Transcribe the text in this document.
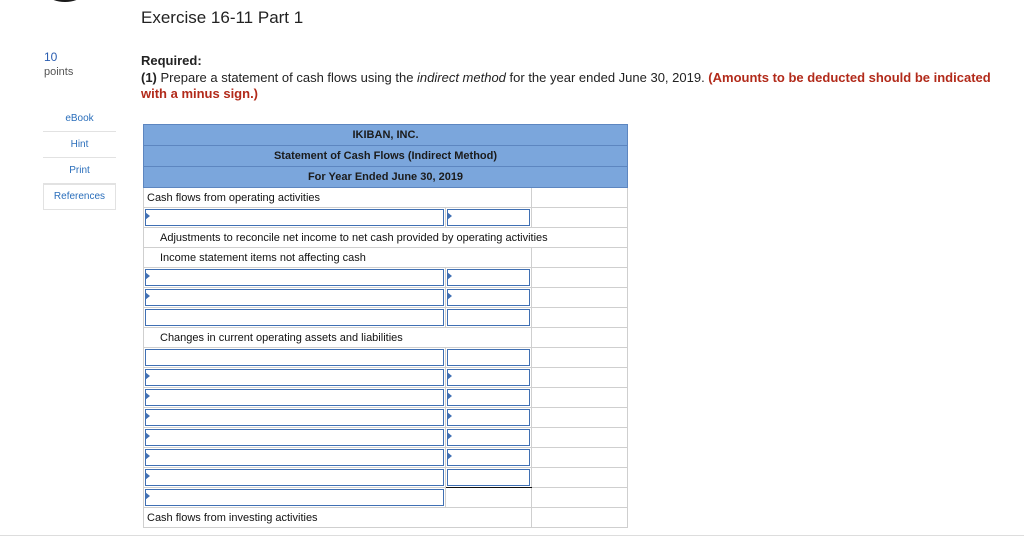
Exercise 16-11 Part 1
10
points
eBook
Hint
Print
References
Required:
(1) Prepare a statement of cash flows using the indirect method for the year ended June 30, 2019. (Amounts to be deducted should be indicated with a minus sign.)
IKIBAN, INC.		
Statement of Cash Flows (Indirect Method)		
For Year Ended June 30, 2019		
Cash flows from operating activities		

Adjustments to reconcile net income to net cash provided by operating activities		
Income statement items not affecting cash		

Changes in current operating assets and liabilities		

Cash flows from investing activities		
